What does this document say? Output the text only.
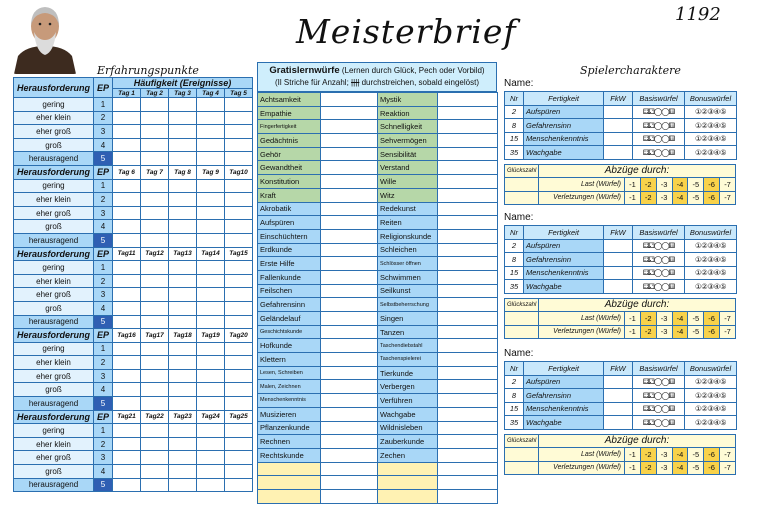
Meisterbrief	1192
Erfahrungspunkte
Herausforderung	EP	Häufigkeit (Ereignisse)				
		Tag 1	Tag 2	Tag 3	Tag 4	Tag 5
gering	1					
eher klein	2					
eher groß	3					
groß	4					
herausragend	5					
Herausforderung	EP	Tag 6	Tag 7	Tag 8	Tag 9	Tag10
gering	1					
eher klein	2					
eher groß	3					
groß	4					
herausragend	5					
Herausforderung	EP	Tag11	Tag12	Tag13	Tag14	Tag15
gering	1					
eher klein	2					
eher groß	3					
groß	4					
herausragend	5					
Herausforderung	EP	Tag16	Tag17	Tag18	Tag19	Tag20
gering	1					
eher klein	2					
eher groß	3					
groß	4					
herausragend	5					
Herausforderung	EP	Tag21	Tag22	Tag23	Tag24	Tag25
gering	1					
eher klein	2					
eher groß	3					
groß	4					
herausragend	5					
Gratislernwürfe (Lernen durch Glück, Pech oder Vorbild)
(Il Striche für Anzahl; |||| durchstreichen, sobald eingelöst)
Achtsamkeit		Mystik	
Empathie		Reaktion	
Fingerfertigkeit		Schnelligkeit	
Gedächtnis		Sehvermögen	
Gehör		Sensibilität	
Gewandtheit		Verstand	
Konstitution		Wille	
Kraft		Witz	
Akrobatik		Redekunst	
Aufspüren		Reiten	
Einschüchtern		Religionskunde	
Erdkunde		Schleichen	
Erste Hilfe		Schlösser öffnen	
Fallenkunde		Schwimmen	
Feilschen		Seilkunst	
Gefahrensinn		Selbstbeherrschung	
Geländelauf		Singen	
Geschichtskunde		Tanzen	
Hofkunde		Taschendiebstahl	
Klettern		Taschenspielerei	
Lesen, Schreiben		Tierkunde	
Malen, Zeichnen		Verbergen	
Menschenkenntnis		Verführen	
Musizieren		Wachgabe	
Pflanzenkunde		Wildnisleben	
Rechnen		Zauberkunde	
Rechtskunde		Zechen	

Spielercharaktere
Name:
Nr	Fertigkeit	FkW	Basiswürfel	Bonuswürfel
2	Aufspüren		⚃⚁◯◯⚅	①②③④⑤
8	Gefahrensinn		⚃⚁◯◯⚅	①②③④⑤
15	Menschenkenntnis		⚃⚁◯◯⚅	①②③④⑤
35	Wachgabe		⚃⚁◯◯⚅	①②③④⑤
Glückszahl	Abzüge durch:							
	Last (Würfel)	-1	-2	-3	-4	-5	-6	-7
	Verletzungen (Würfel)	-1	-2	-3	-4	-5	-6	-7
Name:
Nr	Fertigkeit	FkW	Basiswürfel	Bonuswürfel
2	Aufspüren		⚃⚁◯◯⚅	①②③④⑤
8	Gefahrensinn		⚃⚁◯◯⚅	①②③④⑤
15	Menschenkenntnis		⚃⚁◯◯⚅	①②③④⑤
35	Wachgabe		⚃⚁◯◯⚅	①②③④⑤
Glückszahl	Abzüge durch:							
	Last (Würfel)	-1	-2	-3	-4	-5	-6	-7
	Verletzungen (Würfel)	-1	-2	-3	-4	-5	-6	-7
Name:
Nr	Fertigkeit	FkW	Basiswürfel	Bonuswürfel
2	Aufspüren		⚃⚁◯◯⚅	①②③④⑤
8	Gefahrensinn		⚃⚁◯◯⚅	①②③④⑤
15	Menschenkenntnis		⚃⚁◯◯⚅	①②③④⑤
35	Wachgabe		⚃⚁◯◯⚅	①②③④⑤
Glückszahl	Abzüge durch:							
	Last (Würfel)	-1	-2	-3	-4	-5	-6	-7
	Verletzungen (Würfel)	-1	-2	-3	-4	-5	-6	-7
